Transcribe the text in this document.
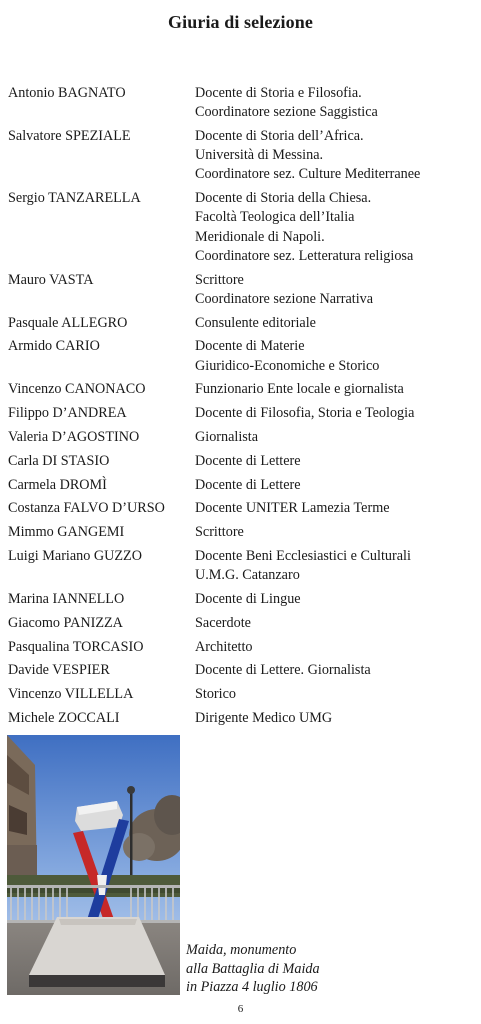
Giuria di selezione
Antonio BAGNATO	Docente di Storia e Filosofia.
Coordinatore sezione Saggistica
Salvatore SPEZIALE	Docente di Storia dell’Africa.
Università di Messina.
Coordinatore sez. Culture Mediterranee
Sergio TANZARELLA	Docente di Storia della Chiesa.
Facoltà Teologica dell’Italia
Meridionale di Napoli.
Coordinatore sez. Letteratura religiosa
Mauro VASTA	Scrittore
Coordinatore sezione Narrativa
Pasquale ALLEGRO	Consulente editoriale
Armido CARIO	Docente di Materie
Giuridico-Economiche e Storico
Vincenzo CANONACO	Funzionario Ente locale e giornalista
Filippo D’ANDREA	Docente di Filosofia, Storia e Teologia
Valeria D’AGOSTINO	Giornalista
Carla DI STASIO	Docente di Lettere
Carmela DROMÌ	Docente di Lettere
Costanza FALVO D’URSO	Docente UNITER Lamezia Terme
Mimmo GANGEMI	Scrittore
Luigi Mariano GUZZO	Docente Beni Ecclesiastici e Culturali
U.M.G. Catanzaro
Marina IANNELLO	Docente di Lingue
Giacomo PANIZZA	Sacerdote
Pasqualina TORCASIO	Architetto
Davide VESPIER	Docente di Lettere. Giornalista
Vincenzo VILLELLA	Storico
Michele ZOCCALI	Dirigente Medico UMG
Maida, monumento
alla Battaglia di Maida
in Piazza 4 luglio 1806
6
